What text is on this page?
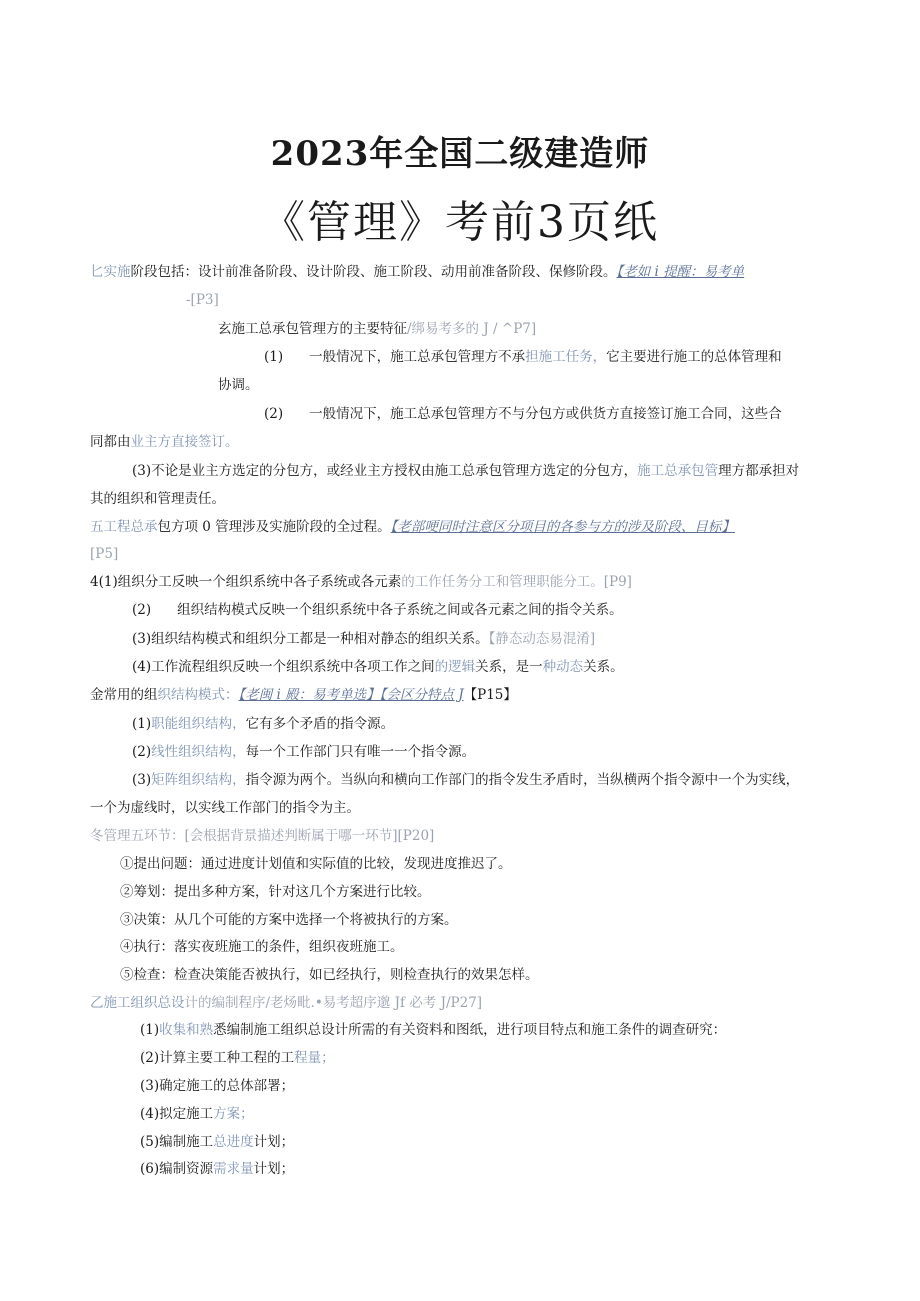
2023年全国二级建造师
《管理》考前3页纸
匕实施阶段包括：设计前准备阶段、设计阶段、施工阶段、动用前准备阶段、保修阶段。【老如 i 提醒：易考单
-[P3]
玄施工总承包管理方的主要特征/绑易考多的 J / ^P7]
(1) 一般情况下，施工总承包管理方不承担施工任务，它主要进行施工的总体管理和
协调。
(2) 一般情况下，施工总承包管理方不与分包方或供货方直接签订施工合同，这些合
同都由业主方直接签订。
(3)不论是业主方选定的分包方，或经业主方授权由施工总承包管理方选定的分包方，施工总承包管理方都承担对
其的组织和管理责任。
五工程总承包方项 0 管理涉及实施阶段的全过程。【老部哽同时注意区分项目的各参与方的涉及阶段、目标】
[P5]
4(1)组织分工反映一个组织系统中各子系统或各元素的工作任务分工和管理职能分工。[P9]
(2) 组织结构模式反映一个组织系统中各子系统之间或各元素之间的指令关系。
(3)组织结构模式和组织分工都是一种相对静态的组织关系。【静态动态易混淆]
(4)工作流程组织反映一个组织系统中各项工作之间的逻辑关系，是一种动态关系。
金常用的组织结构模式：【老闽 i 殿：易考单选】【会区分特点 J【P15】
(1)职能组织结构，它有多个矛盾的指令源。
(2)线性组织结构，每一个工作部门只有唯一一个指令源。
(3)矩阵组织结构，指令源为两个。当纵向和横向工作部门的指令发生矛盾时，当纵横两个指令源中一个为实线，
一个为虚线时，以实线工作部门的指令为主。
冬管理五环节：[会根据背景描述判断属于哪一环节][P20]
①提出问题：通过进度计划值和实际值的比较，发现进度推迟了。
②筹划：提出多种方案，针对这几个方案进行比较。
③决策：从几个可能的方案中选择一个将被执行的方案。
④执行：落实夜班施工的条件，组织夜班施工。
⑤检查：检查决策能否被执行，如已经执行，则检查执行的效果怎样。
乙施工组织总设计的编制程序/老炀毗.•易考超序邈 Jf 必考 J/P27]
(1)收集和熟悉编制施工组织总设计所需的有关资料和图纸，进行项目特点和施工条件的调查研究：
(2)计算主要工种工程的工程量；
(3)确定施工的总体部署；
(4)拟定施工方案；
(5)编制施工总进度计划；
(6)编制资源需求量计划；
